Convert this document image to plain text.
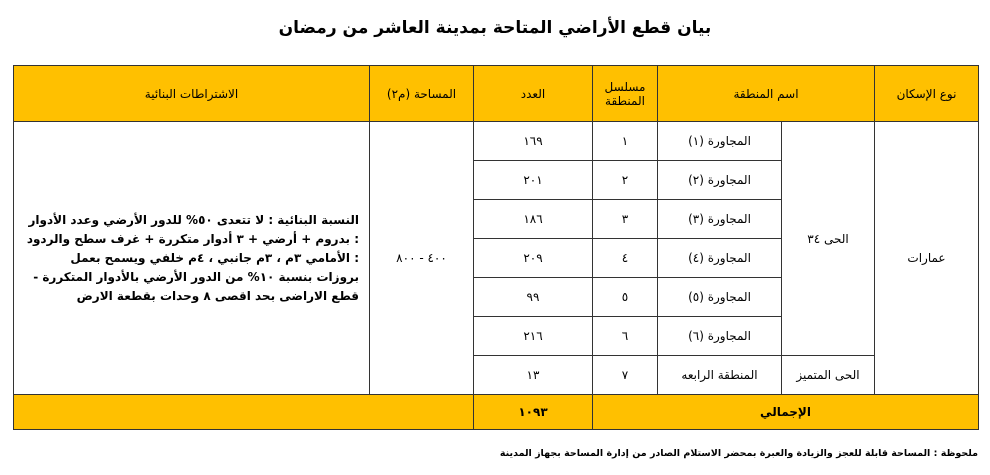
بيان قطع الأراضي المتاحة بمدينة العاشر من رمضان
نوع الإسكان	اسم المنطقة		مسلسل المنطقة	العدد	المساحة (م٢)	الاشتراطات البنائية
عمارات	الحى ٣٤	المجاورة (١)	١	١٦٩	٤٠٠ - ٨٠٠	النسبة البنائية : لا تتعدى ٥٠% للدور الأرضي وعدد الأدوار : بدروم + أرضي + ٣ أدوار متكررة + غرف سطح والردود : الأمامي ٣م ، ٣م جانبي ، ٤م خلفي ويسمح بعمل بروزات بنسبة ١٠% من الدور الأرضي بالأدوار المتكررة - قطع الاراضى بحد اقصى ٨ وحدات بقطعة الارض
		المجاورة (٢)	٢	٢٠١		
		المجاورة (٣)	٣	١٨٦		
		المجاورة (٤)	٤	٢٠٩		
		المجاورة (٥)	٥	٩٩		
		المجاورة (٦)	٦	٢١٦		
	الحى المتميز	المنطقة الرابعه	٧	١٣		
الإجمالي				١٠٩٣		
ملحوظة : المساحة قابلة للعجز والزيادة والعبرة بمحضر الاستلام الصادر من إدارة المساحة بجهاز المدينة
